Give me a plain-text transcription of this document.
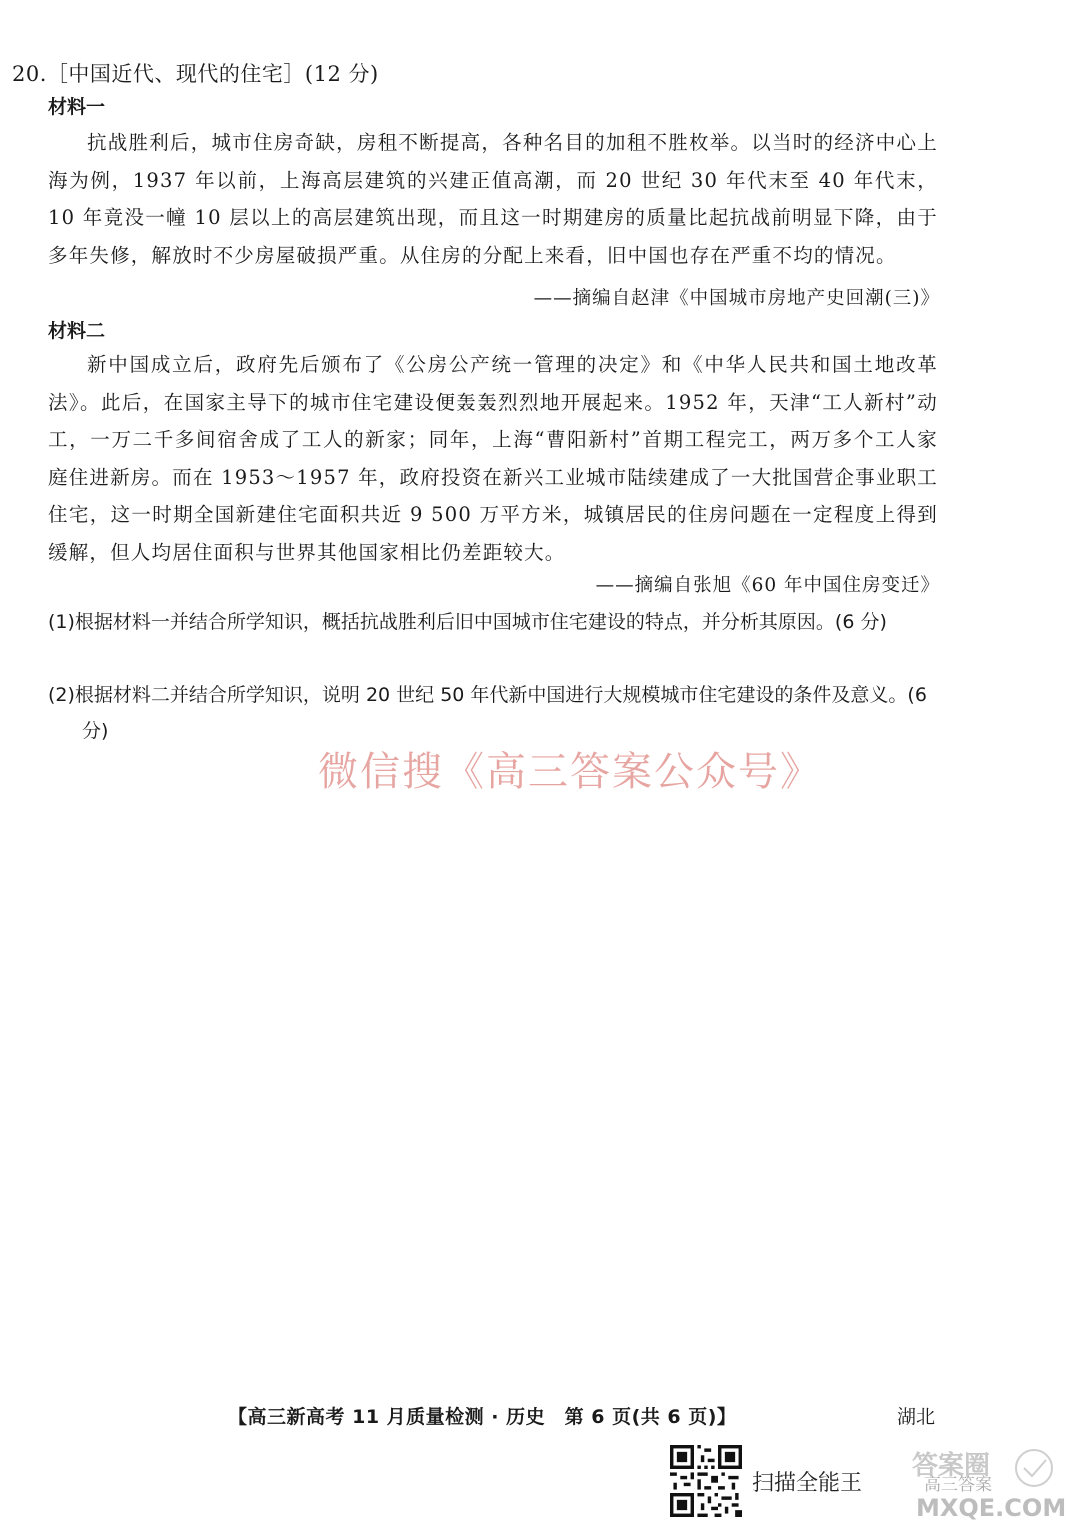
20.［中国近代、现代的住宅］(12 分)
材料一
抗战胜利后，城市住房奇缺，房租不断提高，各种名目的加租不胜枚举。以当时的经济中心上海为例，1937 年以前，上海高层建筑的兴建正值高潮，而 20 世纪 30 年代末至 40 年代末，10 年竟没一幢 10 层以上的高层建筑出现，而且这一时期建房的质量比起抗战前明显下降，由于多年失修，解放时不少房屋破损严重。从住房的分配上来看，旧中国也存在严重不均的情况。
——摘编自赵津《中国城市房地产史回潮(三)》
材料二
新中国成立后，政府先后颁布了《公房公产统一管理的决定》和《中华人民共和国土地改革法》。此后，在国家主导下的城市住宅建设便轰轰烈烈地开展起来。1952 年，天津“工人新村”动工，一万二千多间宿舍成了工人的新家；同年，上海“曹阳新村”首期工程完工，两万多个工人家庭住进新房。而在 1953～1957 年，政府投资在新兴工业城市陆续建成了一大批国营企事业职工住宅，这一时期全国新建住宅面积共近 9 500 万平方米，城镇居民的住房问题在一定程度上得到缓解，但人均居住面积与世界其他国家相比仍差距较大。
——摘编自张旭《60 年中国住房变迁》
(1)根据材料一并结合所学知识，概括抗战胜利后旧中国城市住宅建设的特点，并分析其原因。(6 分)
(2)根据材料二并结合所学知识，说明 20 世纪 50 年代新中国进行大规模城市住宅建设的条件及意义。(6 分)
微信搜《高三答案公众号》
【高三新高考 11 月质量检测 · 历史　第 6 页(共 6 页)】	湖北
扫描全能王
答案圈
高三答案
MXQE.COM
